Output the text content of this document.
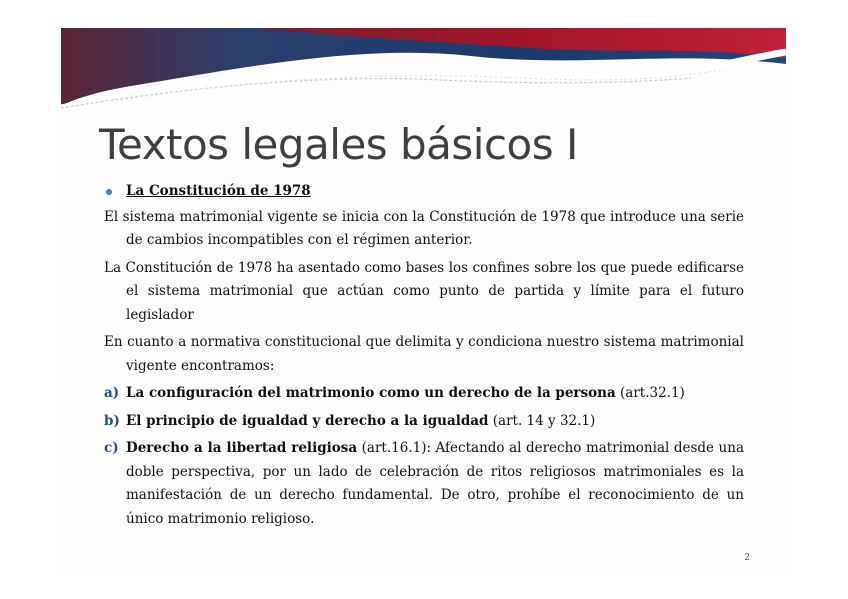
Textos legales básicos I
La Constitución de 1978

El sistema matrimonial vigente se inicia con la Constitución de 1978 que introduce una serie de cambios incompatibles con el régimen anterior.

La Constitución de 1978 ha asentado como bases los confines sobre los que puede edificarse el sistema matrimonial que actúan como punto de partida y límite para el futuro legislador

En cuanto a normativa constitucional que delimita y condiciona nuestro sistema matrimonial vigente encontramos:

a) La configuración del matrimonio como un derecho de la persona (art.32.1)
b) El principio de igualdad y derecho a la igualdad (art. 14 y 32.1)
c) Derecho a la libertad religiosa (art.16.1): Afectando al derecho matrimonial desde una doble perspectiva, por un lado de celebración de ritos religiosos matrimoniales es la manifestación de un derecho fundamental. De otro, prohíbe el reconocimiento de un único matrimonio religioso.
2
